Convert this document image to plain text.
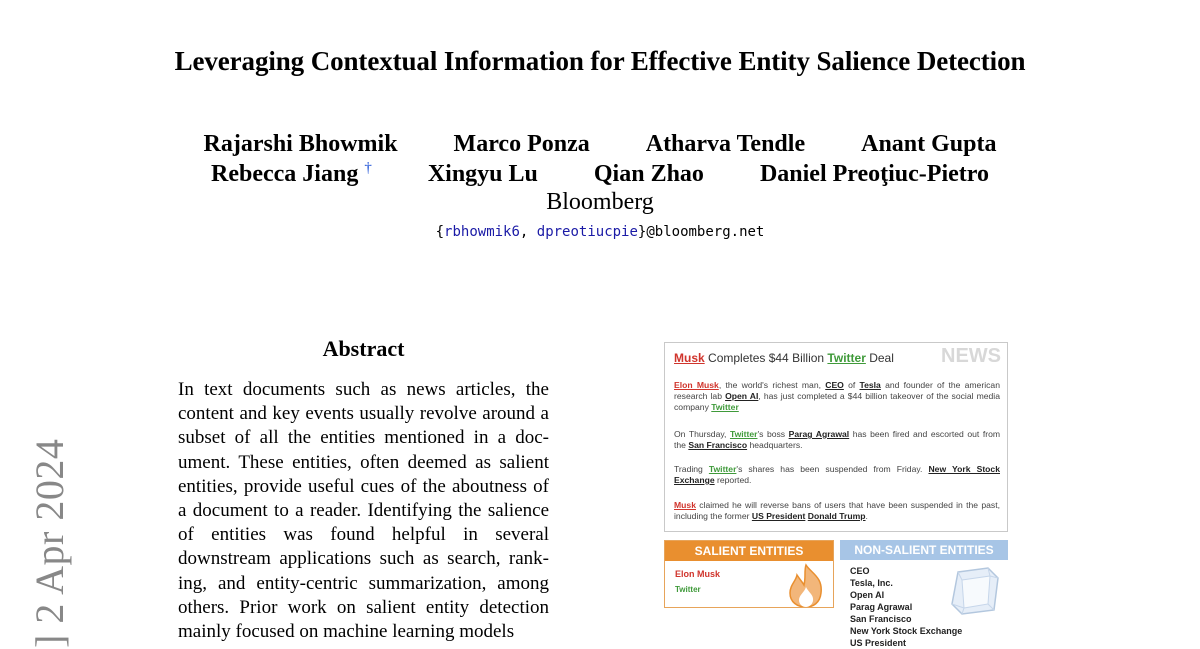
Leveraging Contextual Information for Effective Entity Salience Detection
Rajarshi Bhowmik Marco Ponza Atharva Tendle Anant Gupta
Rebecca Jiang † Xingyu Lu Qian Zhao Daniel Preoţiuc-Pietro
Bloomberg
{rbhowmik6, dpreotiucpie}@bloomberg.net
] 2 Apr 2024
Abstract
In text documents such as news articles, the content and key events usually revolve around a subset of all the entities mentioned in a doc-ument. These entities, often deemed as salient entities, provide useful cues of the aboutness of a document to a reader. Identifying the salience of entities was found helpful in several downstream applications such as search, rank-ing, and entity-centric summarization, among others. Prior work on salient entity detection mainly focused on machine learning models
Musk Completes $44 Billion Twitter Deal NEWS
Elon Musk, the world's richest man, CEO of Tesla and founder of the american research lab Open AI, has just completed a $44 billion takeover of the social media company Twitter
On Thursday, Twitter's boss Parag Agrawal has been fired and escorted out from the San Francisco headquarters.
Trading Twitter's shares has been suspended from Friday. New York Stock Exchange reported.
Musk claimed he will reverse bans of users that have been suspended in the past, including the former US President Donald Trump.
SALIENT ENTITIES
Elon Musk
Twitter
NON-SALIENT ENTITIES
CEO
Tesla, Inc.
Open AI
Parag Agrawal
San Francisco
New York Stock Exchange
US President
